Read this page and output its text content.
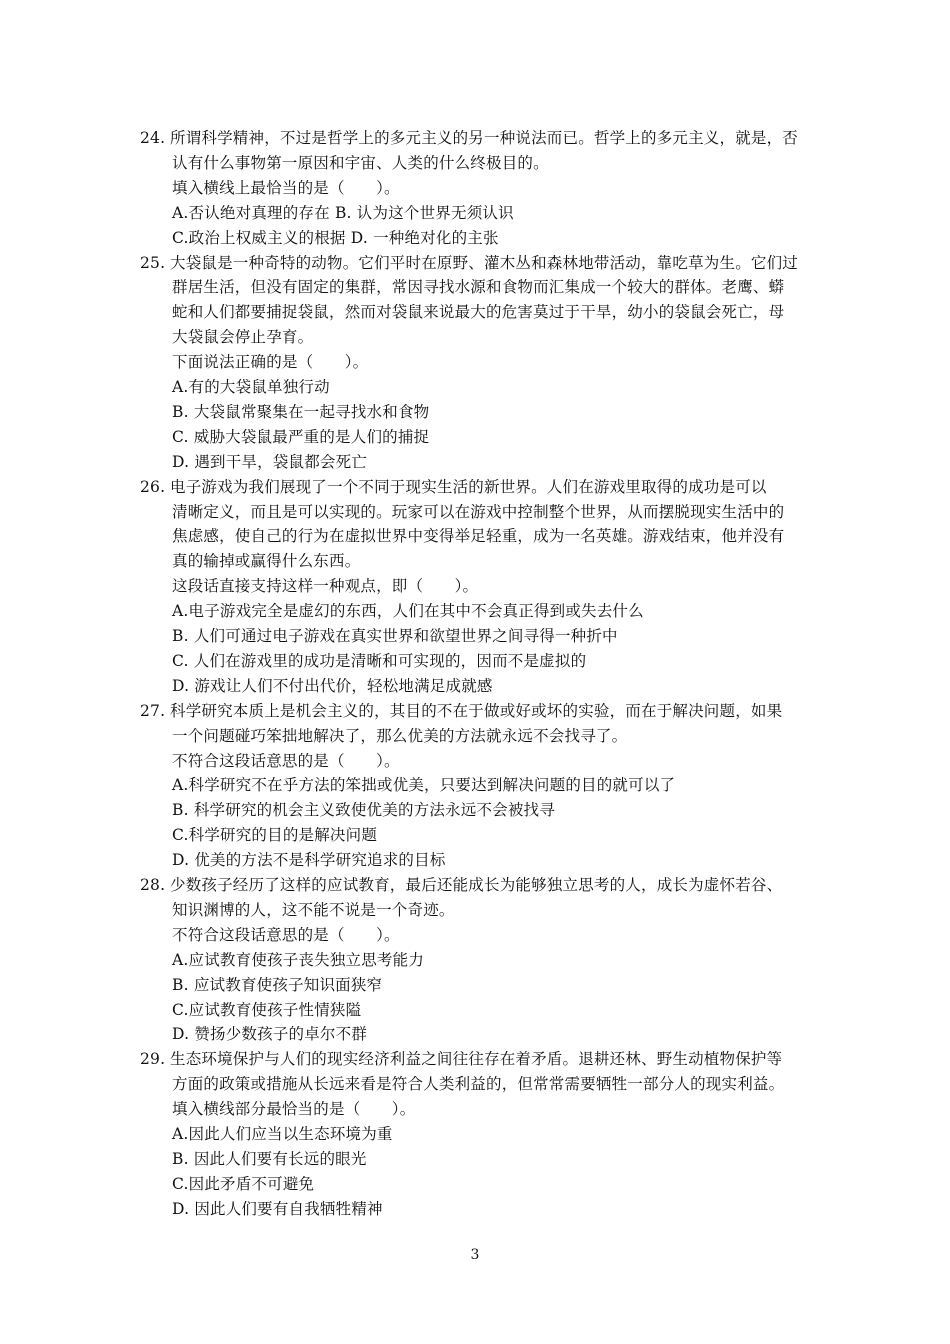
24. 所谓科学精神，不过是哲学上的多元主义的另一种说法而已。哲学上的多元主义，就是，否
认有什么事物第一原因和宇宙、人类的什么终极目的。
填入横线上最恰当的是（　　）。
A.否认绝对真理的存在 B. 认为这个世界无须认识
C.政治上权威主义的根据 D. 一种绝对化的主张
25. 大袋鼠是一种奇特的动物。它们平时在原野、灌木丛和森林地带活动，靠吃草为生。它们过
群居生活，但没有固定的集群，常因寻找水源和食物而汇集成一个较大的群体。老鹰、蟒
蛇和人们都要捕捉袋鼠，然而对袋鼠来说最大的危害莫过于干旱，幼小的袋鼠会死亡，母
大袋鼠会停止孕育。
下面说法正确的是（　　）。
A.有的大袋鼠单独行动
B. 大袋鼠常聚集在一起寻找水和食物
C. 威胁大袋鼠最严重的是人们的捕捉
D. 遇到干旱，袋鼠都会死亡
26. 电子游戏为我们展现了一个不同于现实生活的新世界。人们在游戏里取得的成功是可以
清晰定义，而且是可以实现的。玩家可以在游戏中控制整个世界，从而摆脱现实生活中的
焦虑感，使自己的行为在虚拟世界中变得举足轻重，成为一名英雄。游戏结束，他并没有
真的输掉或赢得什么东西。
这段话直接支持这样一种观点，即（　　）。
A.电子游戏完全是虚幻的东西，人们在其中不会真正得到或失去什么
B. 人们可通过电子游戏在真实世界和欲望世界之间寻得一种折中
C. 人们在游戏里的成功是清晰和可实现的，因而不是虚拟的
D. 游戏让人们不付出代价，轻松地满足成就感
27. 科学研究本质上是机会主义的，其目的不在于做或好或坏的实验，而在于解决问题，如果
一个问题碰巧笨拙地解决了，那么优美的方法就永远不会找寻了。
不符合这段话意思的是（　　）。
A.科学研究不在乎方法的笨拙或优美，只要达到解决问题的目的就可以了
B. 科学研究的机会主义致使优美的方法永远不会被找寻
C.科学研究的目的是解决问题
D. 优美的方法不是科学研究追求的目标
28. 少数孩子经历了这样的应试教育，最后还能成长为能够独立思考的人，成长为虚怀若谷、
知识渊博的人，这不能不说是一个奇迹。
不符合这段话意思的是（　　）。
A.应试教育使孩子丧失独立思考能力
B. 应试教育使孩子知识面狭窄
C.应试教育使孩子性情狭隘
D. 赞扬少数孩子的卓尔不群
29. 生态环境保护与人们的现实经济利益之间往往存在着矛盾。退耕还林、野生动植物保护等
方面的政策或措施从长远来看是符合人类利益的，但常常需要牺牲一部分人的现实利益。
填入横线部分最恰当的是（　　）。
A.因此人们应当以生态环境为重
B. 因此人们要有长远的眼光
C.因此矛盾不可避免
D. 因此人们要有自我牺牲精神
3
